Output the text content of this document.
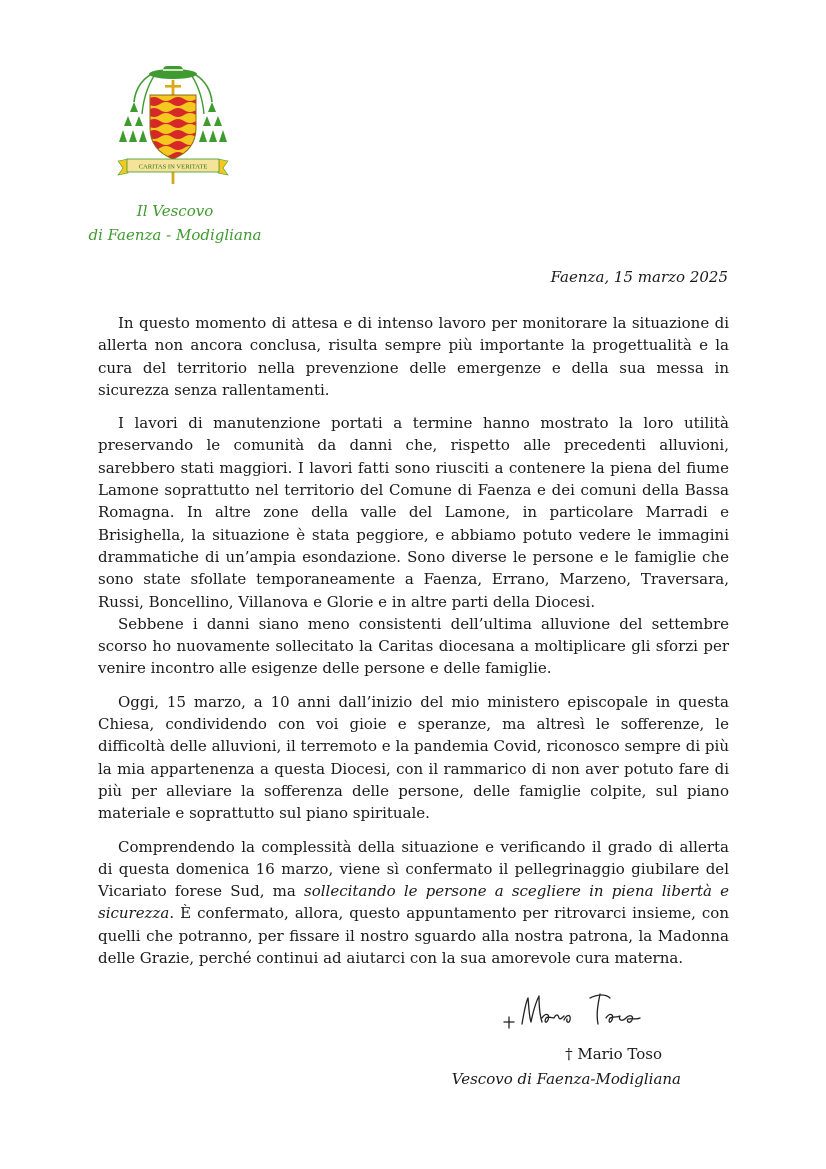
CARITAS IN VERITATE
Il Vescovo
di Faenza - Modigliana
Faenza, 15 marzo 2025

In questo momento di attesa e di intenso lavoro per monitorare la situazione di allerta non ancora conclusa, risulta sempre più importante la progettualità e la cura del territorio nella prevenzione delle emergenze e della sua messa in sicurezza senza rallentamenti.

I lavori di manutenzione portati a termine hanno mostrato la loro utilità preservando le comunità da danni che, rispetto alle precedenti alluvioni, sarebbero stati maggiori. I lavori fatti sono riusciti a contenere la piena del fiume Lamone soprattutto nel territorio del Comune di Faenza e dei comuni della Bassa Romagna. In altre zone della valle del Lamone, in particolare Marradi e Brisighella, la situazione è stata peggiore, e abbiamo potuto vedere le immagini drammatiche di un’ampia esondazione. Sono diverse le persone e le famiglie che sono state sfollate temporaneamente a Faenza, Errano, Marzeno, Traversara, Russi, Boncellino, Villanova e Glorie e in altre parti della Diocesi.

Sebbene i danni siano meno consistenti dell’ultima alluvione del settembre scorso ho nuovamente sollecitato la Caritas diocesana a moltiplicare gli sforzi per venire incontro alle esigenze delle persone e delle famiglie.

Oggi, 15 marzo, a 10 anni dall’inizio del mio ministero episcopale in questa Chiesa, condividendo con voi gioie e speranze, ma altresì le sofferenze, le difficoltà delle alluvioni, il terremoto e la pandemia Covid, riconosco sempre di più la mia appartenenza a questa Diocesi, con il rammarico di non aver potuto fare di più per alleviare la sofferenza delle persone, delle famiglie colpite, sul piano materiale e soprattutto sul piano spirituale.

Comprendendo la complessità della situazione e verificando il grado di allerta di questa domenica 16 marzo, viene sì confermato il pellegrinaggio giubilare del Vicariato forese Sud, ma sollecitando le persone a scegliere in piena libertà e sicurezza. È confermato, allora, questo appuntamento per ritrovarci insieme, con quelli che potranno, per fissare il nostro sguardo alla nostra patrona, la Madonna delle Grazie, perché continui ad aiutarci con la sua amorevole cura materna.

† Mario Toso
Vescovo di Faenza-Modigliana
